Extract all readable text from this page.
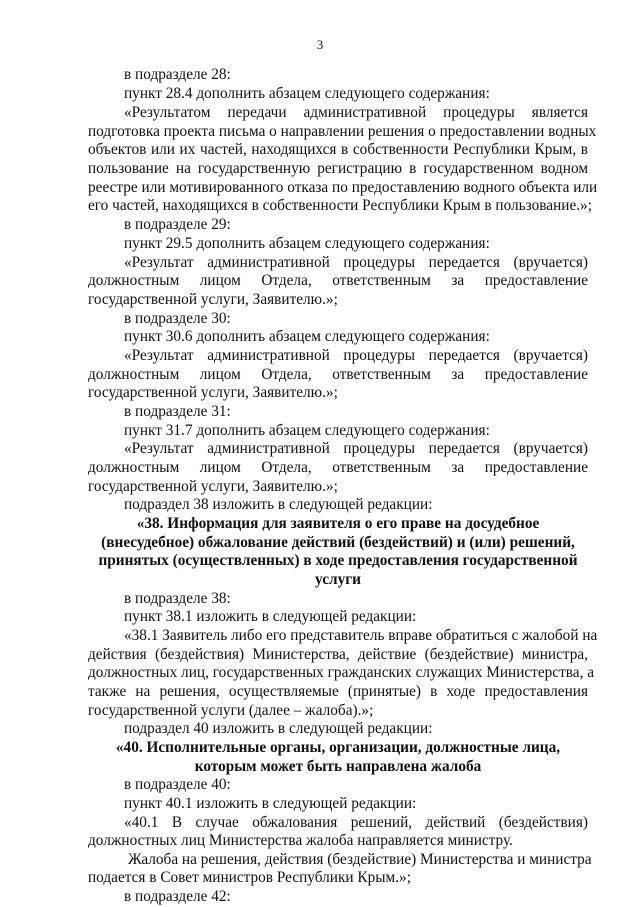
3
в подразделе 28:
пункт 28.4 дополнить абзацем следующего содержания:
«Результатом передачи административной процедуры является
подготовка проекта письма о направлении решения о предоставлении водных
объектов или их частей, находящихся в собственности Республики Крым, в
пользование на государственную регистрацию в государственном водном
реестре или мотивированного отказа по предоставлению водного объекта или
его частей, находящихся в собственности Республики Крым в пользование.»;
в подразделе 29:
пункт 29.5 дополнить абзацем следующего содержания:
«Результат административной процедуры передается (вручается)
должностным лицом Отдела, ответственным за предоставление
государственной услуги, Заявителю.»;
в подразделе 30:
пункт 30.6 дополнить абзацем следующего содержания:
«Результат административной процедуры передается (вручается)
должностным лицом Отдела, ответственным за предоставление
государственной услуги, Заявителю.»;
в подразделе 31:
пункт 31.7 дополнить абзацем следующего содержания:
«Результат административной процедуры передается (вручается)
должностным лицом Отдела, ответственным за предоставление
государственной услуги, Заявителю.»;
подраздел 38 изложить в следующей редакции:
«38. Информация для заявителя о его праве на досудебное
(внесудебное) обжалование действий (бездействий) и (или) решений,
принятых (осуществленных) в ходе предоставления государственной
услуги
в подразделе 38:
пункт 38.1 изложить в следующей редакции:
«38.1 Заявитель либо его представитель вправе обратиться с жалобой на
действия (бездействия) Министерства, действие (бездействие) министра,
должностных лиц, государственных гражданских служащих Министерства, а
также на решения, осуществляемые (принятые) в ходе предоставления
государственной услуги (далее – жалоба).»;
подраздел 40 изложить в следующей редакции:
«40. Исполнительные органы, организации, должностные лица,
которым может быть направлена жалоба
в подразделе 40:
пункт 40.1 изложить в следующей редакции:
«40.1 В случае обжалования решений, действий (бездействия)
должностных лиц Министерства жалоба направляется министру.
Жалоба на решения, действия (бездействие) Министерства и министра
подается в Совет министров Республики Крым.»;
в подразделе 42:
